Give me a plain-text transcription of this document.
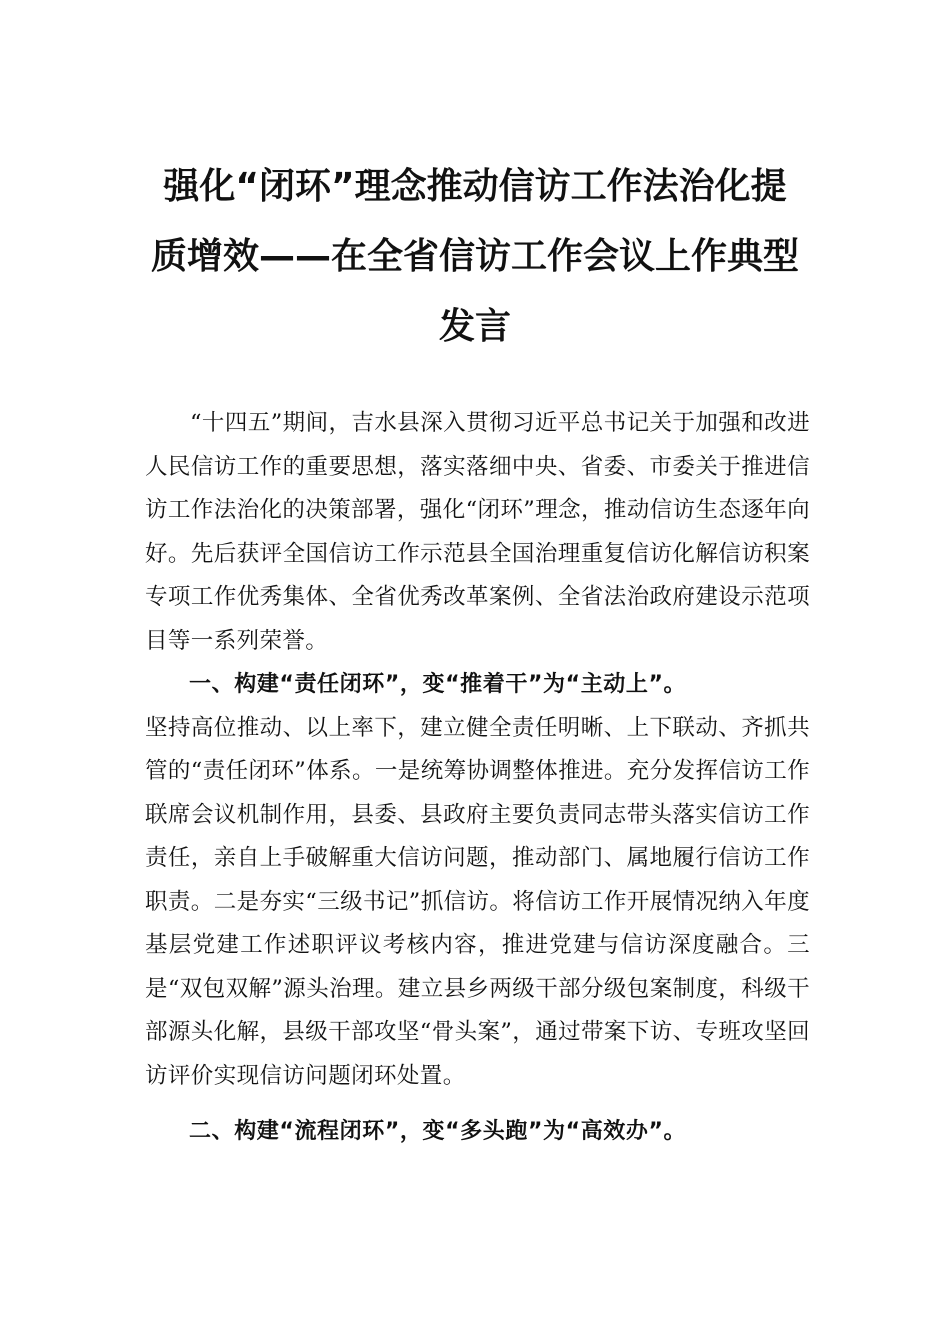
强化“闭环”理念推动信访工作法治化提
质增效——在全省信访工作会议上作典型
发言

“十四五”期间，吉水县深入贯彻习近平总书记关于加强和改进人民信访工作的重要思想，落实落细中央、省委、市委关于推进信访工作法治化的决策部署，强化“闭环”理念，推动信访生态逐年向好。先后获评全国信访工作示范县全国治理重复信访化解信访积案专项工作优秀集体、全省优秀改革案例、全省法治政府建设示范项目等一系列荣誉。

一、构建“责任闭环”，变“推着干”为“主动上”。

坚持高位推动、以上率下，建立健全责任明晰、上下联动、齐抓共管的“责任闭环”体系。一是统筹协调整体推进。充分发挥信访工作联席会议机制作用，县委、县政府主要负责同志带头落实信访工作责任，亲自上手破解重大信访问题，推动部门、属地履行信访工作职责。二是夯实“三级书记”抓信访。将信访工作开展情况纳入年度基层党建工作述职评议考核内容，推进党建与信访深度融合。三是“双包双解”源头治理。建立县乡两级干部分级包案制度，科级干部源头化解，县级干部攻坚“骨头案”，通过带案下访、专班攻坚回访评价实现信访问题闭环处置。

二、构建“流程闭环”，变“多头跑”为“高效办”。
